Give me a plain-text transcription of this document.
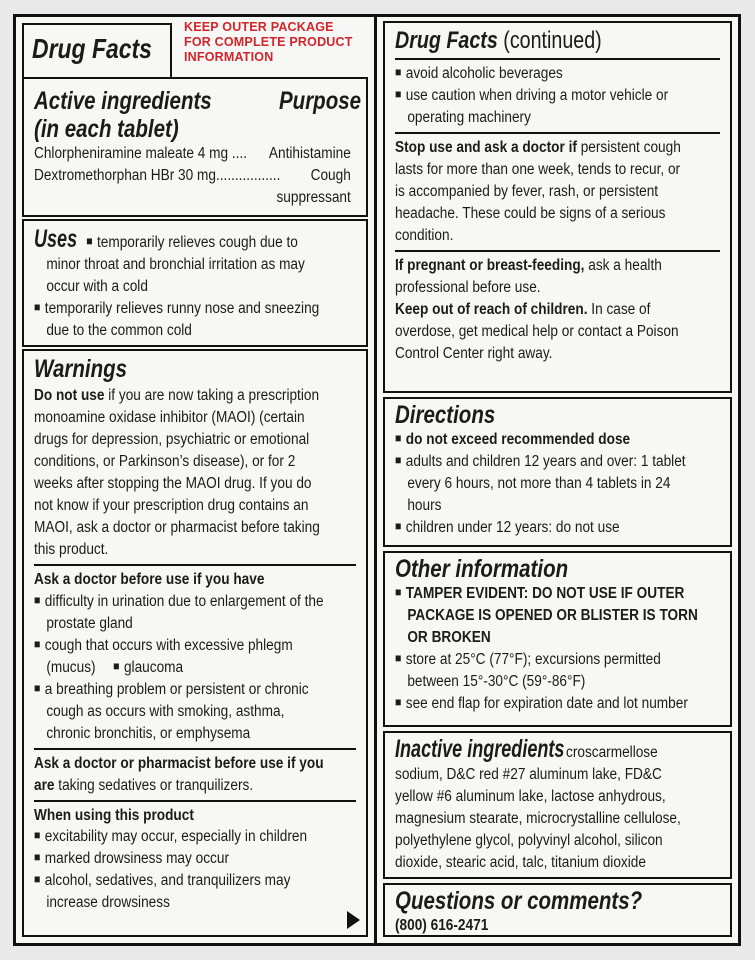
Drug Facts
KEEP OUTER PACKAGE
FOR COMPLETE PRODUCT
INFORMATION
Active ingredients
(in each tablet)
Purpose
Chlorpheniramine maleate 4 mg .... Antihistamine
Dextromethorphan HBr 30 mg................. Cough
suppressant
Uses ■ temporarily relieves cough due to
minor throat and bronchial irritation as may
occur with a cold
■ temporarily relieves runny nose and sneezing
due to the common cold
Warnings
Do not use if you are now taking a prescription
monoamine oxidase inhibitor (MAOI) (certain
drugs for depression, psychiatric or emotional
conditions, or Parkinson’s disease), or for 2
weeks after stopping the MAOI drug. If you do
not know if your prescription drug contains an
MAOI, ask a doctor or pharmacist before taking
this product.
Ask a doctor before use if you have
■ difficulty in urination due to enlargement of the
prostate gland
■ cough that occurs with excessive phlegm
(mucus) ■ glaucoma
■ a breathing problem or persistent or chronic
cough as occurs with smoking, asthma,
chronic bronchitis, or emphysema
Ask a doctor or pharmacist before use if you
are taking sedatives or tranquilizers.
When using this product
■ excitability may occur, especially in children
■ marked drowsiness may occur
■ alcohol, sedatives, and tranquilizers may
increase drowsiness
Drug Facts (continued)
■ avoid alcoholic beverages
■ use caution when driving a motor vehicle or
operating machinery
Stop use and ask a doctor if persistent cough
lasts for more than one week, tends to recur, or
is accompanied by fever, rash, or persistent
headache. These could be signs of a serious
condition.
If pregnant or breast-feeding, ask a health
professional before use.
Keep out of reach of children. In case of
overdose, get medical help or contact a Poison
Control Center right away.
Directions
■ do not exceed recommended dose
■ adults and children 12 years and over: 1 tablet
every 6 hours, not more than 4 tablets in 24
hours
■ children under 12 years: do not use
Other information
■ TAMPER EVIDENT: DO NOT USE IF OUTER
PACKAGE IS OPENED OR BLISTER IS TORN
OR BROKEN
■ store at 25°C (77°F); excursions permitted
between 15°-30°C (59°-86°F)
■ see end flap for expiration date and lot number
Inactive ingredients croscarmellose
sodium, D&C red #27 aluminum lake, FD&C
yellow #6 aluminum lake, lactose anhydrous,
magnesium stearate, microcrystalline cellulose,
polyethylene glycol, polyvinyl alcohol, silicon
dioxide, stearic acid, talc, titanium dioxide
Questions or comments?
(800) 616-2471
